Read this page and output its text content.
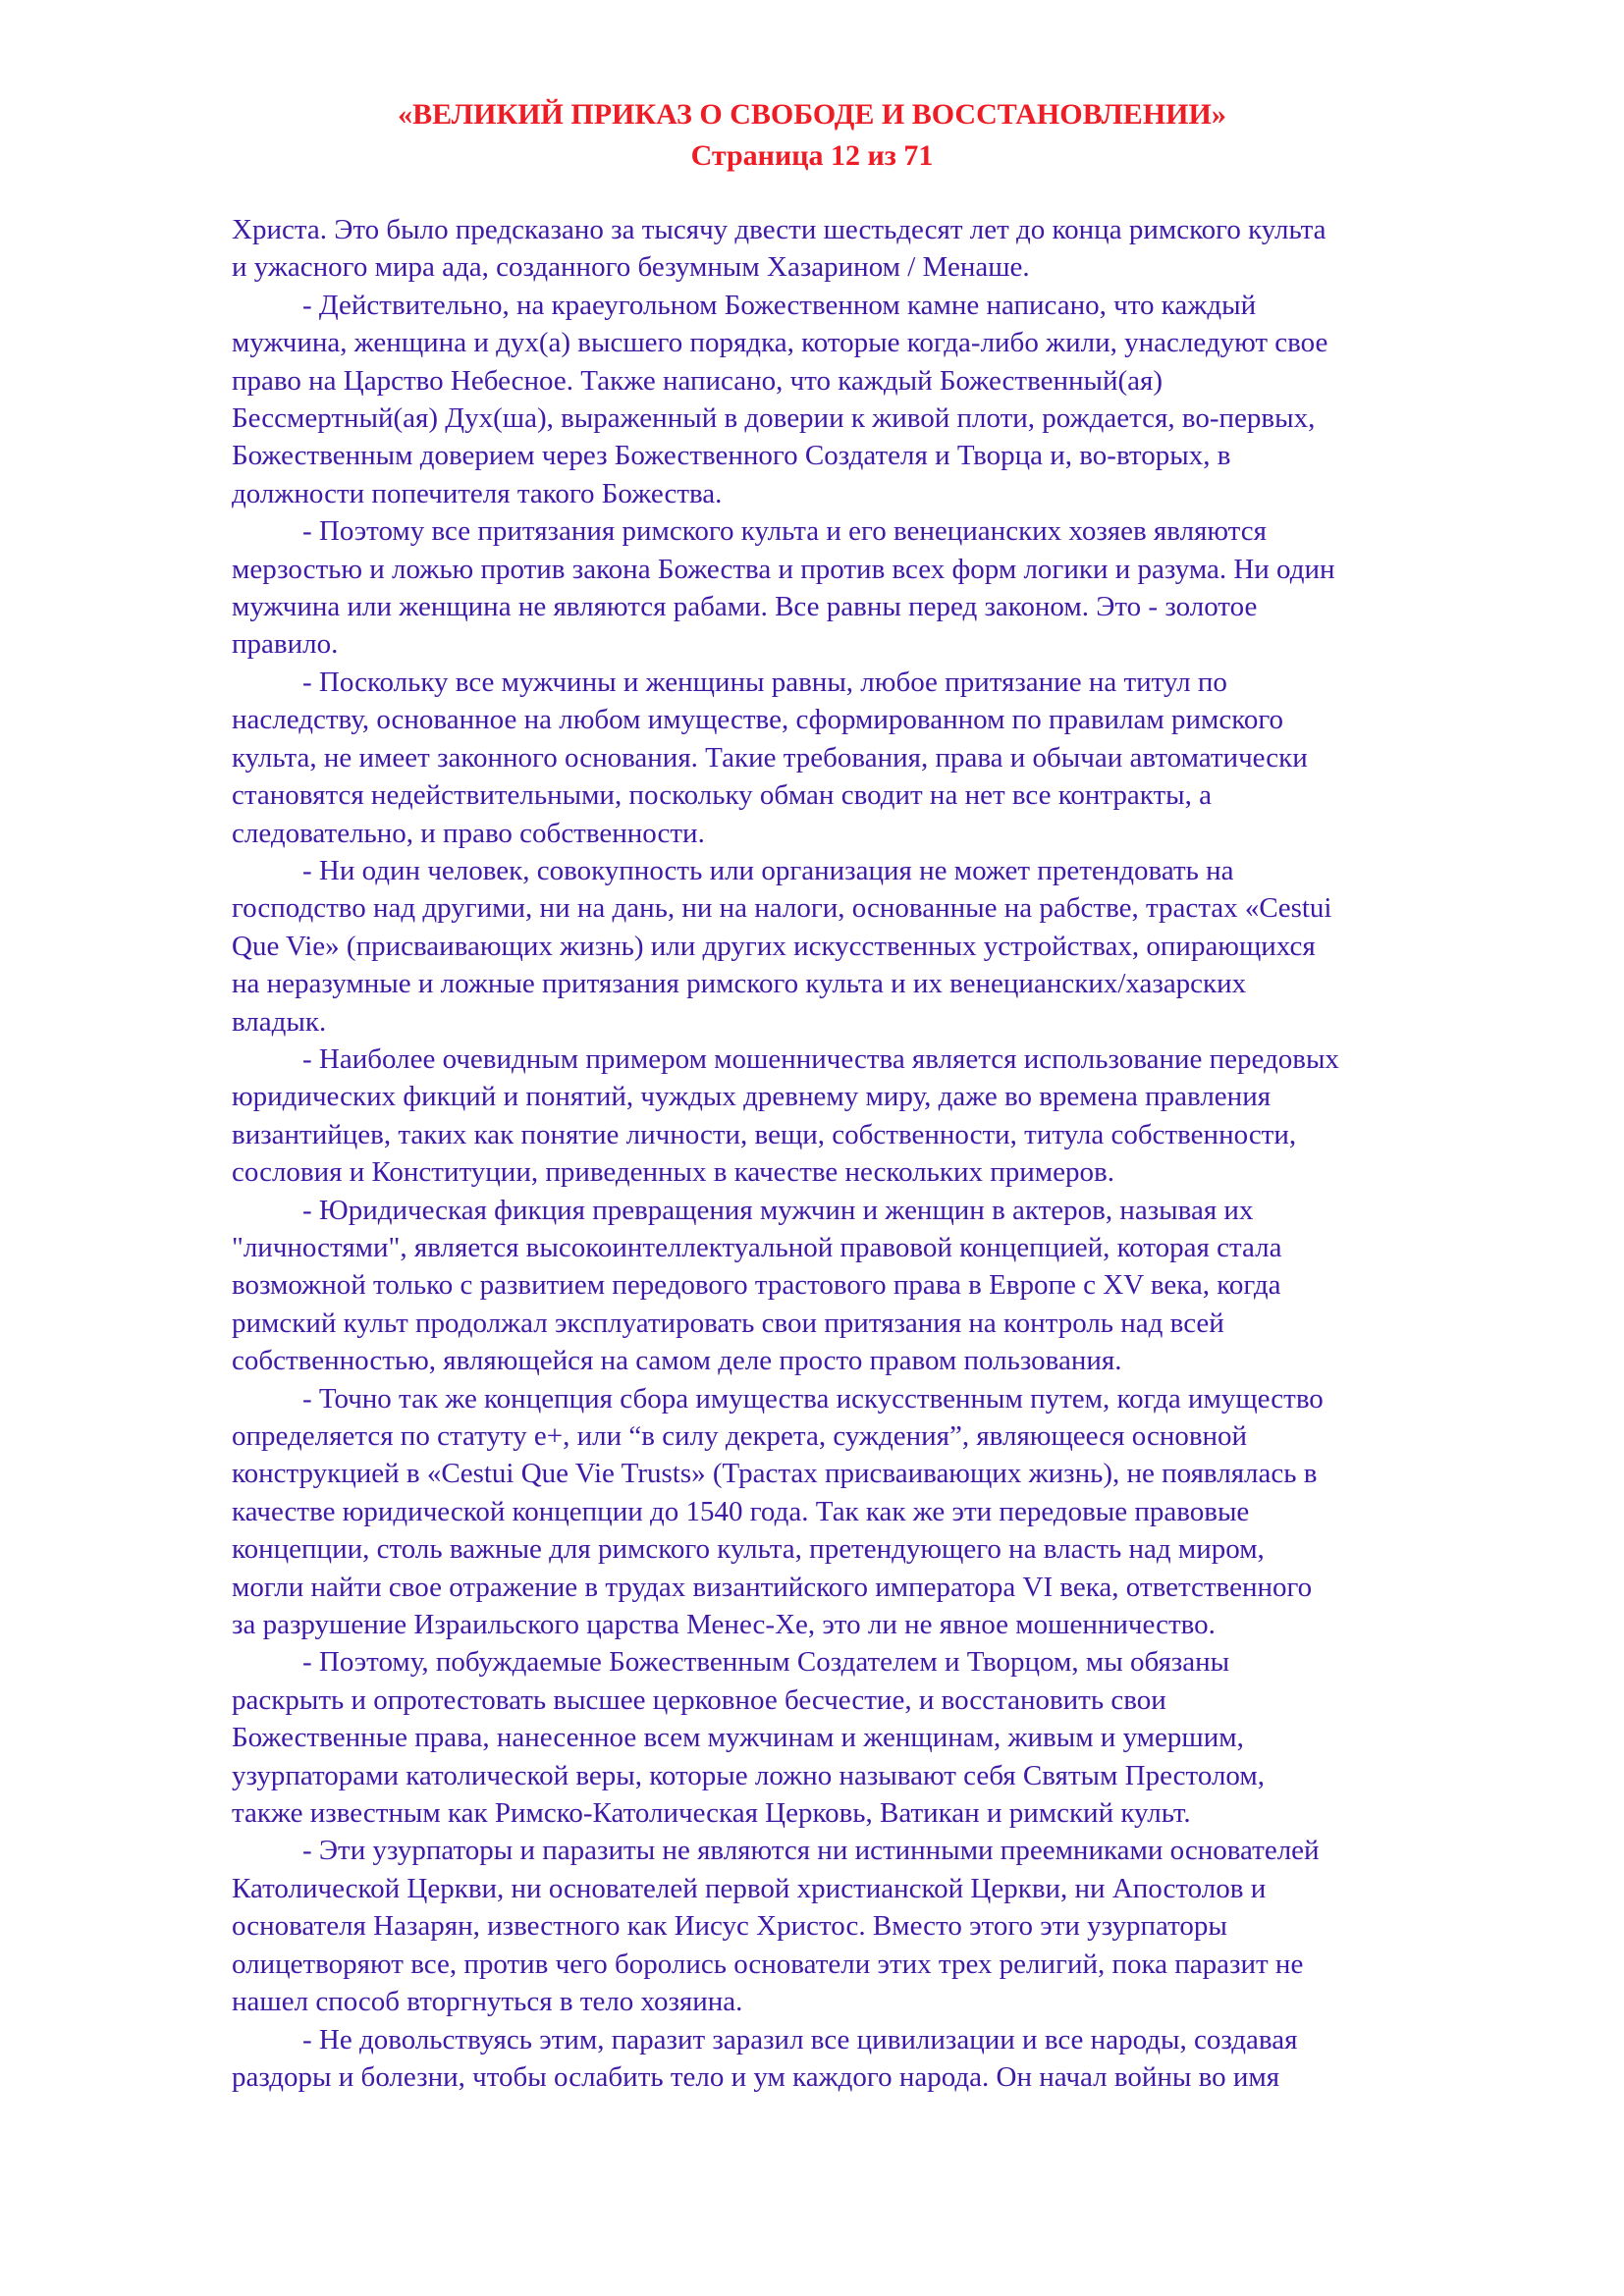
«ВЕЛИКИЙ ПРИКАЗ О СВОБОДЕ И ВОССТАНОВЛЕНИИ»
Страница 12 из 71

Христа. Это было предсказано за тысячу двести шестьдесят лет до конца римского культа
и ужасного мира ада, созданного безумным Хазарином / Менаше.

- Действительно, на краеугольном Божественном камне написано, что каждый
мужчина, женщина и дух(а) высшего порядка, которые когда-либо жили, унаследуют свое
право на Царство Небесное. Также написано, что каждый Божественный(ая)
Бессмертный(ая) Дух(ша), выраженный в доверии к живой плоти, рождается, во-первых,
Божественным доверием через Божественного Создателя и Творца и, во-вторых, в
должности попечителя такого Божества.

- Поэтому все притязания римского культа и его венецианских хозяев являются
мерзостью и ложью против закона Божества и против всех форм логики и разума. Ни один
мужчина или женщина не являются рабами. Все равны перед законом. Это - золотое
правило.

- Поскольку все мужчины и женщины равны, любое притязание на титул по
наследству, основанное на любом имуществе, сформированном по правилам римского
культа, не имеет законного основания. Такие требования, права и обычаи автоматически
становятся недействительными, поскольку обман сводит на нет все контракты, а
следовательно, и право собственности.

- Ни один человек, совокупность или организация не может претендовать на
господство над другими, ни на дань, ни на налоги, основанные на рабстве, трастах «Cestui
Que Vie» (присваивающих жизнь) или других искусственных устройствах, опирающихся
на неразумные и ложные притязания римского культа и их венецианских/хазарских
владык.

- Наиболее очевидным примером мошенничества является использование передовых
юридических фикций и понятий, чуждых древнему миру, даже во времена правления
византийцев, таких как понятие личности, вещи, собственности, титула собственности,
сословия и Конституции, приведенных в качестве нескольких примеров.

- Юридическая фикция превращения мужчин и женщин в актеров, называя их
"личностями", является высокоинтеллектуальной правовой концепцией, которая стала
возможной только с развитием передового трастового права в Европе с XV века, когда
римский культ продолжал эксплуатировать свои притязания на контроль над всей
собственностью, являющейся на самом деле просто правом пользования.

- Точно так же концепция сбора имущества искусственным путем, когда имущество
определяется по статуту е+, или “в силу декрета, суждения”, являющееся основной
конструкцией в «Cestui Que Vie Trusts» (Трастах присваивающих жизнь), не появлялась в
качестве юридической концепции до 1540 года. Так как же эти передовые правовые
концепции, столь важные для римского культа, претендующего на власть над миром,
могли найти свое отражение в трудах византийского императора VI века, ответственного
за разрушение Израильского царства Менес-Хе, это ли не явное мошенничество.

- Поэтому, побуждаемые Божественным Создателем и Творцом, мы обязаны
раскрыть и опротестовать высшее церковное бесчестие, и восстановить свои
Божественные права, нанесенное всем мужчинам и женщинам, живым и умершим,
узурпаторами католической веры, которые ложно называют себя Святым Престолом,
также известным как Римско-Католическая Церковь, Ватикан и римский культ.

- Эти узурпаторы и паразиты не являются ни истинными преемниками основателей
Католической Церкви, ни основателей первой христианской Церкви, ни Апостолов и
основателя Назарян, известного как Иисус Христос. Вместо этого эти узурпаторы
олицетворяют все, против чего боролись основатели этих трех религий, пока паразит не
нашел способ вторгнуться в тело хозяина.

- Не довольствуясь этим, паразит заразил все цивилизации и все народы, создавая
раздоры и болезни, чтобы ослабить тело и ум каждого народа. Он начал войны во имя
